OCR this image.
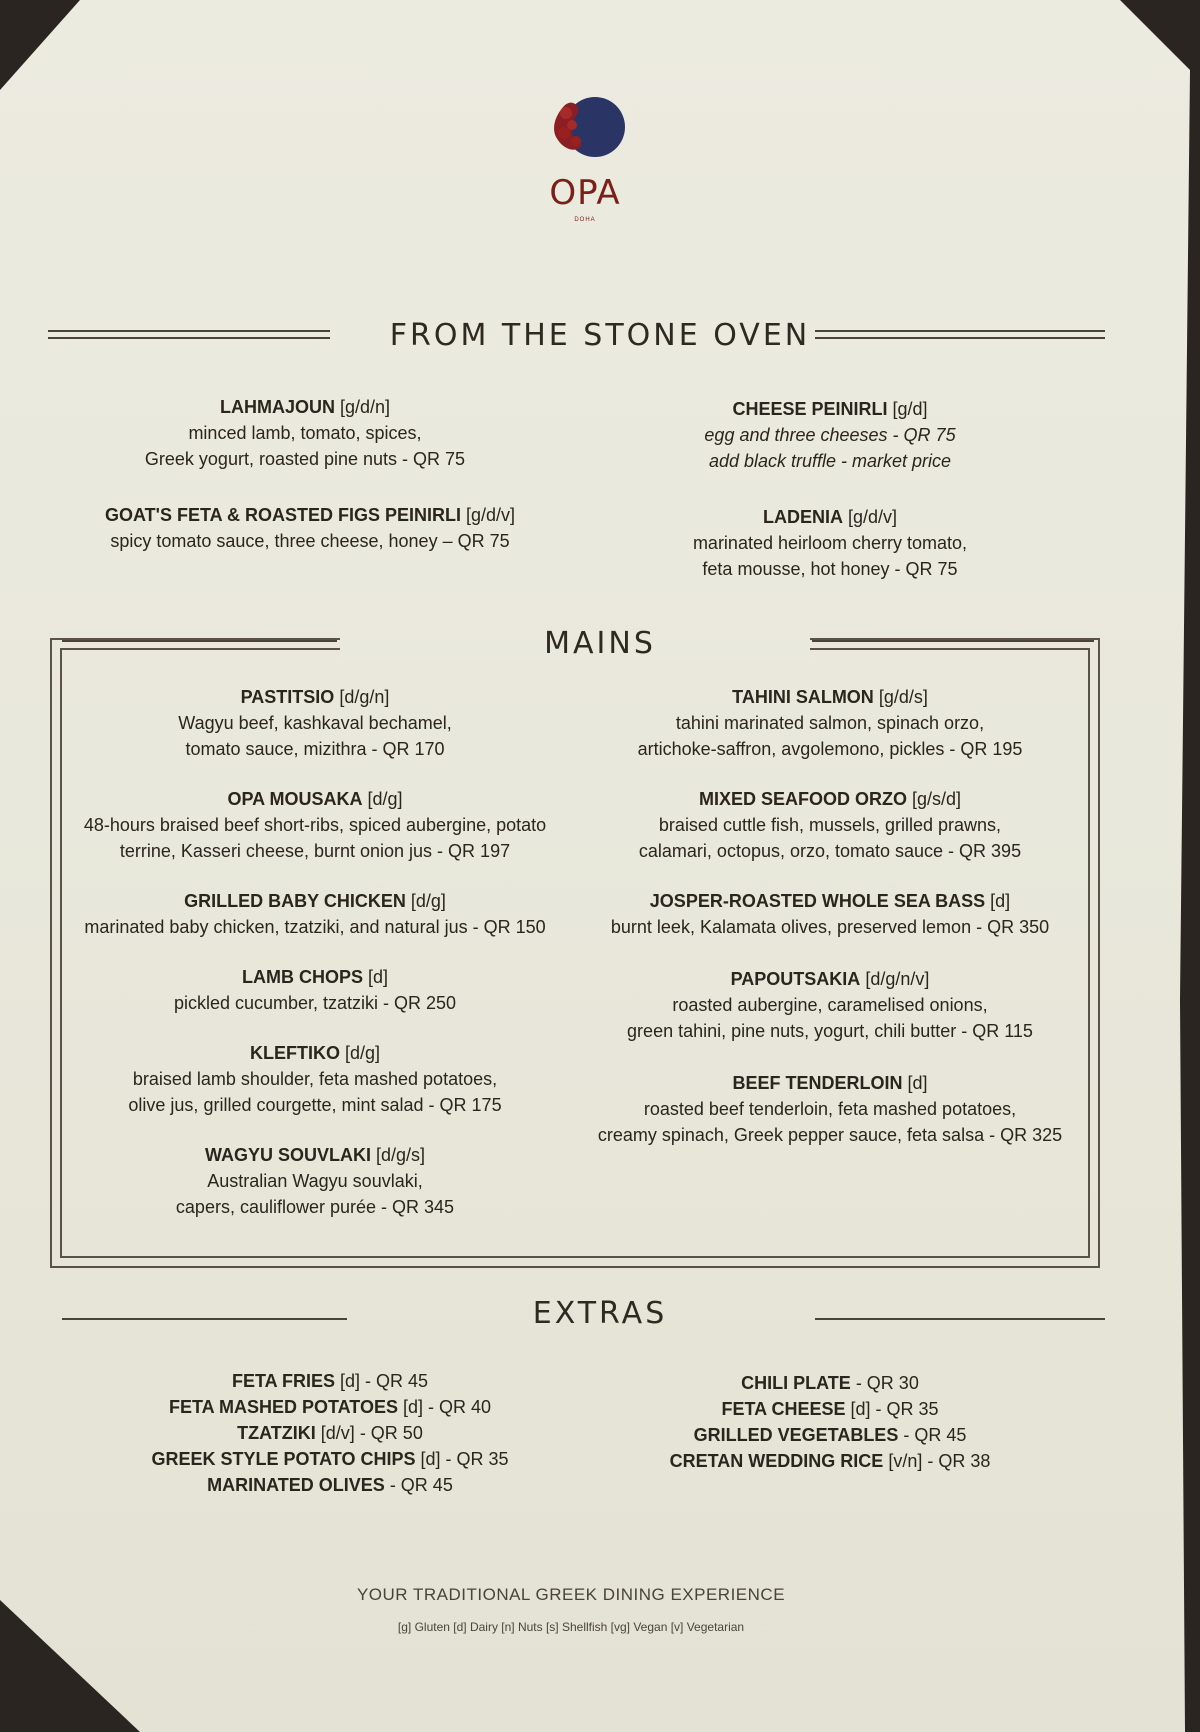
OPA
DOHA
FROM THE STONE OVEN
LAHMAJOUN [g/d/n]
minced lamb, tomato, spices,
Greek yogurt, roasted pine nuts - QR 75
CHEESE PEINIRLI [g/d]
egg and three cheeses - QR 75
add black truffle - market price
GOAT'S FETA & ROASTED FIGS PEINIRLI [g/d/v]
spicy tomato sauce, three cheese, honey – QR 75
LADENIA [g/d/v]
marinated heirloom cherry tomato,
feta mousse, hot honey - QR 75
MAINS
PASTITSIO [d/g/n]
Wagyu beef, kashkaval bechamel,
tomato sauce, mizithra - QR 170
OPA MOUSAKA [d/g]
48-hours braised beef short-ribs, spiced aubergine, potato
terrine, Kasseri cheese, burnt onion jus - QR 197
GRILLED BABY CHICKEN [d/g]
marinated baby chicken, tzatziki, and natural jus - QR 150
LAMB CHOPS [d]
pickled cucumber, tzatziki - QR 250
KLEFTIKO [d/g]
braised lamb shoulder, feta mashed potatoes,
olive jus, grilled courgette, mint salad - QR 175
WAGYU SOUVLAKI [d/g/s]
Australian Wagyu souvlaki,
capers, cauliflower purée - QR 345
TAHINI SALMON [g/d/s]
tahini marinated salmon, spinach orzo,
artichoke-saffron, avgolemono, pickles - QR 195
MIXED SEAFOOD ORZO [g/s/d]
braised cuttle fish, mussels, grilled prawns,
calamari, octopus, orzo, tomato sauce - QR 395
JOSPER-ROASTED WHOLE SEA BASS [d]
burnt leek, Kalamata olives, preserved lemon - QR 350
PAPOUTSAKIA [d/g/n/v]
roasted aubergine, caramelised onions,
green tahini, pine nuts, yogurt, chili butter - QR 115
BEEF TENDERLOIN [d]
roasted beef tenderloin, feta mashed potatoes,
creamy spinach, Greek pepper sauce, feta salsa - QR 325
EXTRAS
FETA FRIES [d] - QR 45
FETA MASHED POTATOES [d] - QR 40
TZATZIKI [d/v] - QR 50
GREEK STYLE POTATO CHIPS [d] - QR 35
MARINATED OLIVES - QR 45
CHILI PLATE - QR 30
FETA CHEESE [d] - QR 35
GRILLED VEGETABLES - QR 45
CRETAN WEDDING RICE [v/n] - QR 38
YOUR TRADITIONAL GREEK DINING EXPERIENCE
[g] Gluten [d] Dairy [n] Nuts [s] Shellfish [vg] Vegan [v] Vegetarian
